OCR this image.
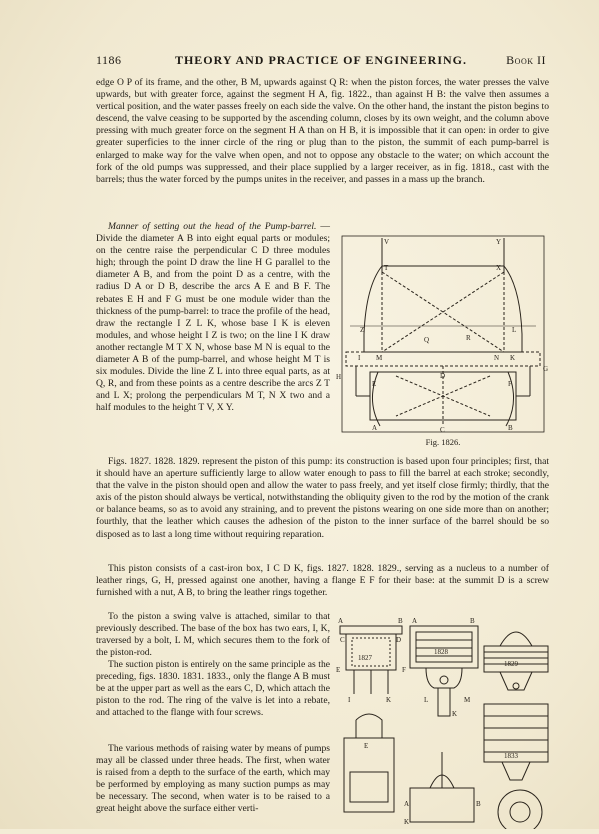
1186	THEORY AND PRACTICE OF ENGINEERING.	Book II

edge O P of its frame, and the other, B M, upwards against Q R: when the piston forces, the water presses the valve upwards, but with greater force, against the segment H A, fig. 1822., than against H B: the valve then assumes a vertical position, and the water passes freely on each side the valve. On the other hand, the instant the piston begins to descend, the valve ceasing to be supported by the ascending column, closes by its own weight, and the column above pressing with much greater force on the segment H A than on H B, it is impossible that it can open: in order to give greater superficies to the inner circle of the ring or plug than to the piston, the summit of each pump-barrel is enlarged to make way for the valve when open, and not to oppose any obstacle to the water; on which account the fork of the old pumps was suppressed, and their place supplied by a larger receiver, as in fig. 1818., cast with the barrels; thus the water forced by the pumps unites in the receiver, and passes in a mass up the branch.

Manner of setting out the head of the Pump-barrel. — Divide the diameter A B into eight equal parts or modules; on the centre raise the perpendicular C D three modules high; through the point D draw the line H G parallel to the diameter A B, and from the point D as a centre, with the radius D A or D B, describe the arcs A E and B F. The rebates E H and F G must be one module wider than the thickness of the pump-barrel: to trace the profile of the head, draw the rectangle I Z L K, whose base I K is eleven modules, and whose height I Z is two; on the line I K draw another rectangle M T X N, whose base M N is equal to the diameter A B of the pump-barrel, and whose height M T is six modules. Divide the line Z L into three equal parts, as at Q, R, and from these points as a centre describe the arcs Z T and L X; prolong the perpendiculars M T, N X two and a half modules to the height T V, X Y.

V	Y
T	X
Z	L
Q	R
I M	N K
H
G
D
E	F
A	C	B
Fig. 1826.

Figs. 1827. 1828. 1829. represent the piston of this pump: its construction is based upon four principles; first, that it should have an aperture sufficiently large to allow water enough to pass to fill the barrel at each stroke; secondly, that the valve in the piston should open and allow the water to pass freely, and yet itself close firmly; thirdly, that the axis of the piston should always be vertical, notwithstanding the obliquity given to the rod by the motion of the crank or balance beams, so as to avoid any straining, and to prevent the pistons wearing on one side more than on another; fourthly, that the leather which causes the adhesion of the piston to the inner surface of the barrel should be so disposed as to last a long time without requiring reparation.

This piston consists of a cast-iron box, I C D K, figs. 1827. 1828. 1829., serving as a nucleus to a number of leather rings, G, H, pressed against one another, having a flange E F for their base: at the summit D is a screw furnished with a nut, A B, to bring the leather rings together.

To the piston a swing valve is attached, similar to that previously described. The base of the box has two ears, I, K, traversed by a bolt, L M, which secures them to the fork of the piston-rod.

The suction piston is entirely on the same principle as the preceding, figs. 1830. 1831. 1833., only the flange A B must be at the upper part as well as the ears C, D, which attach the piston to the rod. The ring of the valve is let into a rebate, and attached to the flange with four screws.

The various methods of raising water by means of pumps may all be classed under three heads. The first, when water is raised from a depth to the surface of the earth, which may be performed by employing as many suction pumps as may be necessary. The second, when water is to be raised to a great height above the surface either verti-

1827
1828
1829
1833
A	B
C	D
A	B
E	F
I	K	L	M
K
E
A	B
K
